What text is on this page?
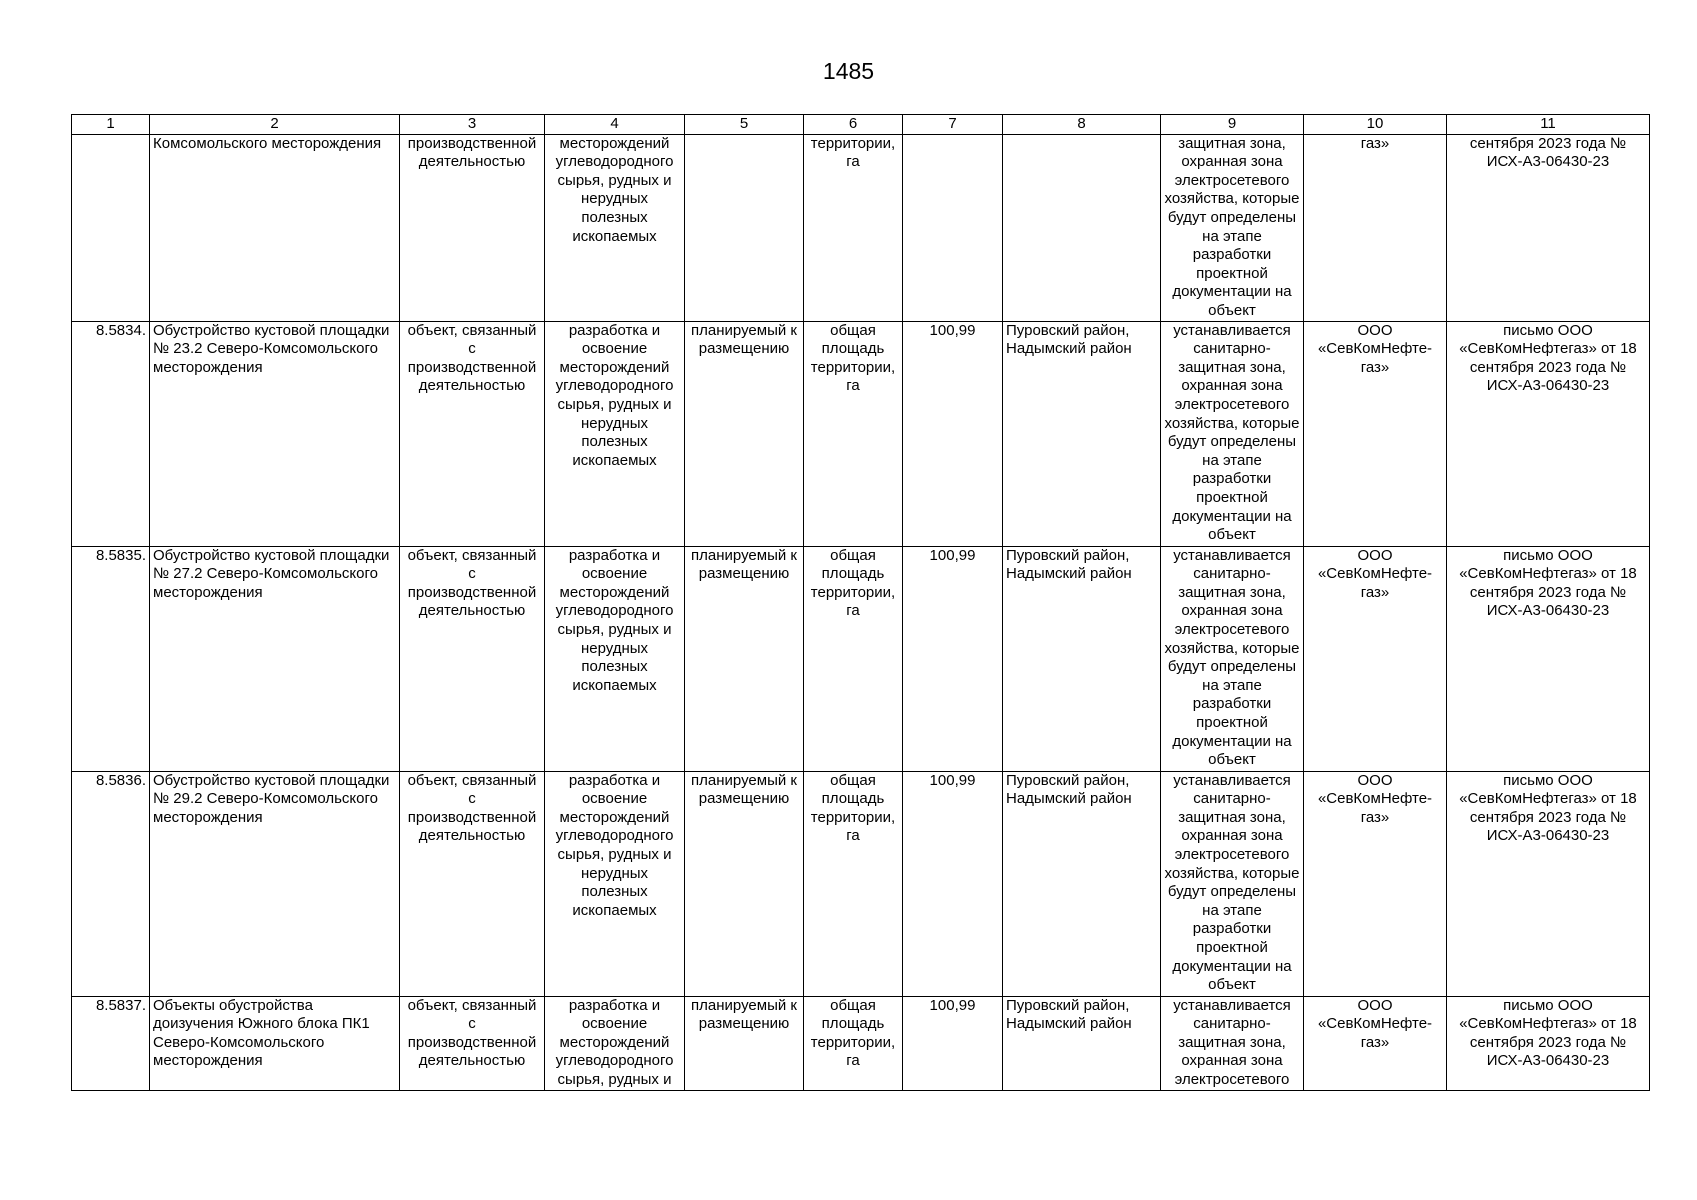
1485
1	2	3	4	5	6	7	8	9	10	11
	Комсомольского месторождения	производственной деятельностью	месторождений углеводородного сырья, рудных и нерудных полезных ископаемых		территории, га			защитная зона, охранная зона электросетевого хозяйства, которые будут определены на этапе разработки проектной документации на объект	газ»	сентября 2023 года № ИСХ-А3-06430-23
8.5834.	Обустройство кустовой площадки № 23.2 Северо-Комсомольского месторождения	объект, связанный с производственной деятельностью	разработка и освоение месторождений углеводородного сырья, рудных и нерудных полезных ископаемых	планируемый к размещению	общая площадь территории, га	100,99	Пуровский район, Надымский район	устанавливается санитарно-защитная зона, охранная зона электросетевого хозяйства, которые будут определены на этапе разработки проектной документации на объект	ООО «СевКомНефте-газ»	письмо ООО «СевКомНефтегаз» от 18 сентября 2023 года № ИСХ-А3-06430-23
8.5835.	Обустройство кустовой площадки № 27.2 Северо-Комсомольского месторождения	объект, связанный с производственной деятельностью	разработка и освоение месторождений углеводородного сырья, рудных и нерудных полезных ископаемых	планируемый к размещению	общая площадь территории, га	100,99	Пуровский район, Надымский район	устанавливается санитарно-защитная зона, охранная зона электросетевого хозяйства, которые будут определены на этапе разработки проектной документации на объект	ООО «СевКомНефте-газ»	письмо ООО «СевКомНефтегаз» от 18 сентября 2023 года № ИСХ-А3-06430-23
8.5836.	Обустройство кустовой площадки № 29.2 Северо-Комсомольского месторождения	объект, связанный с производственной деятельностью	разработка и освоение месторождений углеводородного сырья, рудных и нерудных полезных ископаемых	планируемый к размещению	общая площадь территории, га	100,99	Пуровский район, Надымский район	устанавливается санитарно-защитная зона, охранная зона электросетевого хозяйства, которые будут определены на этапе разработки проектной документации на объект	ООО «СевКомНефте-газ»	письмо ООО «СевКомНефтегаз» от 18 сентября 2023 года № ИСХ-А3-06430-23
8.5837.	Объекты обустройства доизучения Южного блока ПК1 Северо-Комсомольского месторождения	объект, связанный с производственной деятельностью	разработка и освоение месторождений углеводородного сырья, рудных и	планируемый к размещению	общая площадь территории, га	100,99	Пуровский район, Надымский район	устанавливается санитарно-защитная зона, охранная зона электросетевого	ООО «СевКомНефте-газ»	письмо ООО «СевКомНефтегаз» от 18 сентября 2023 года № ИСХ-А3-06430-23
